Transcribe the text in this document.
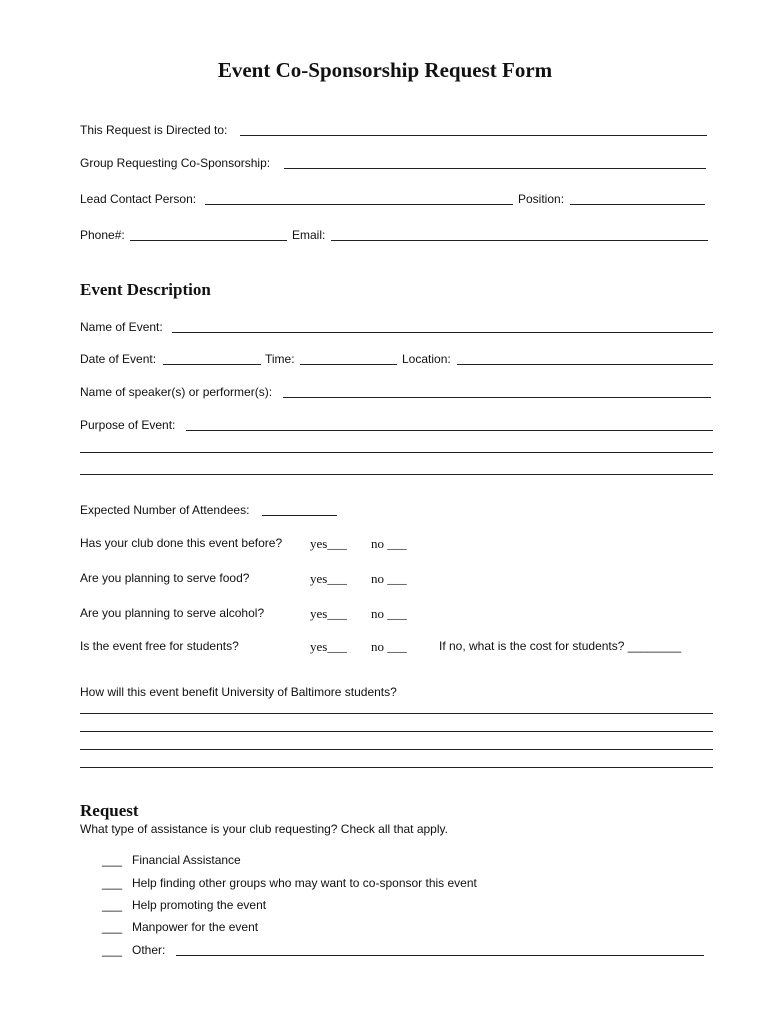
Event Co-Sponsorship Request Form
This Request is Directed to:
Group Requesting Co-Sponsorship:
Lead Contact Person:	Position:
Phone#:	Email:
Event Description
Name of Event:
Date of Event:	Time:	Location:
Name of speaker(s) or performer(s):
Purpose of Event:
Expected Number of Attendees:
Has your club done this event before? yes___ no ___
Are you planning to serve food?	yes___ no ___
Are you planning to serve alcohol?	yes___ no ___
Is the event free for students?	yes___ no ___	If no, what is the cost for students? ________
How will this event benefit University of Baltimore students?
Request
What type of assistance is your club requesting? Check all that apply.
___ Financial Assistance
___ Help finding other groups who may want to co-sponsor this event
___ Help promoting the event
___ Manpower for the event
___ Other:
